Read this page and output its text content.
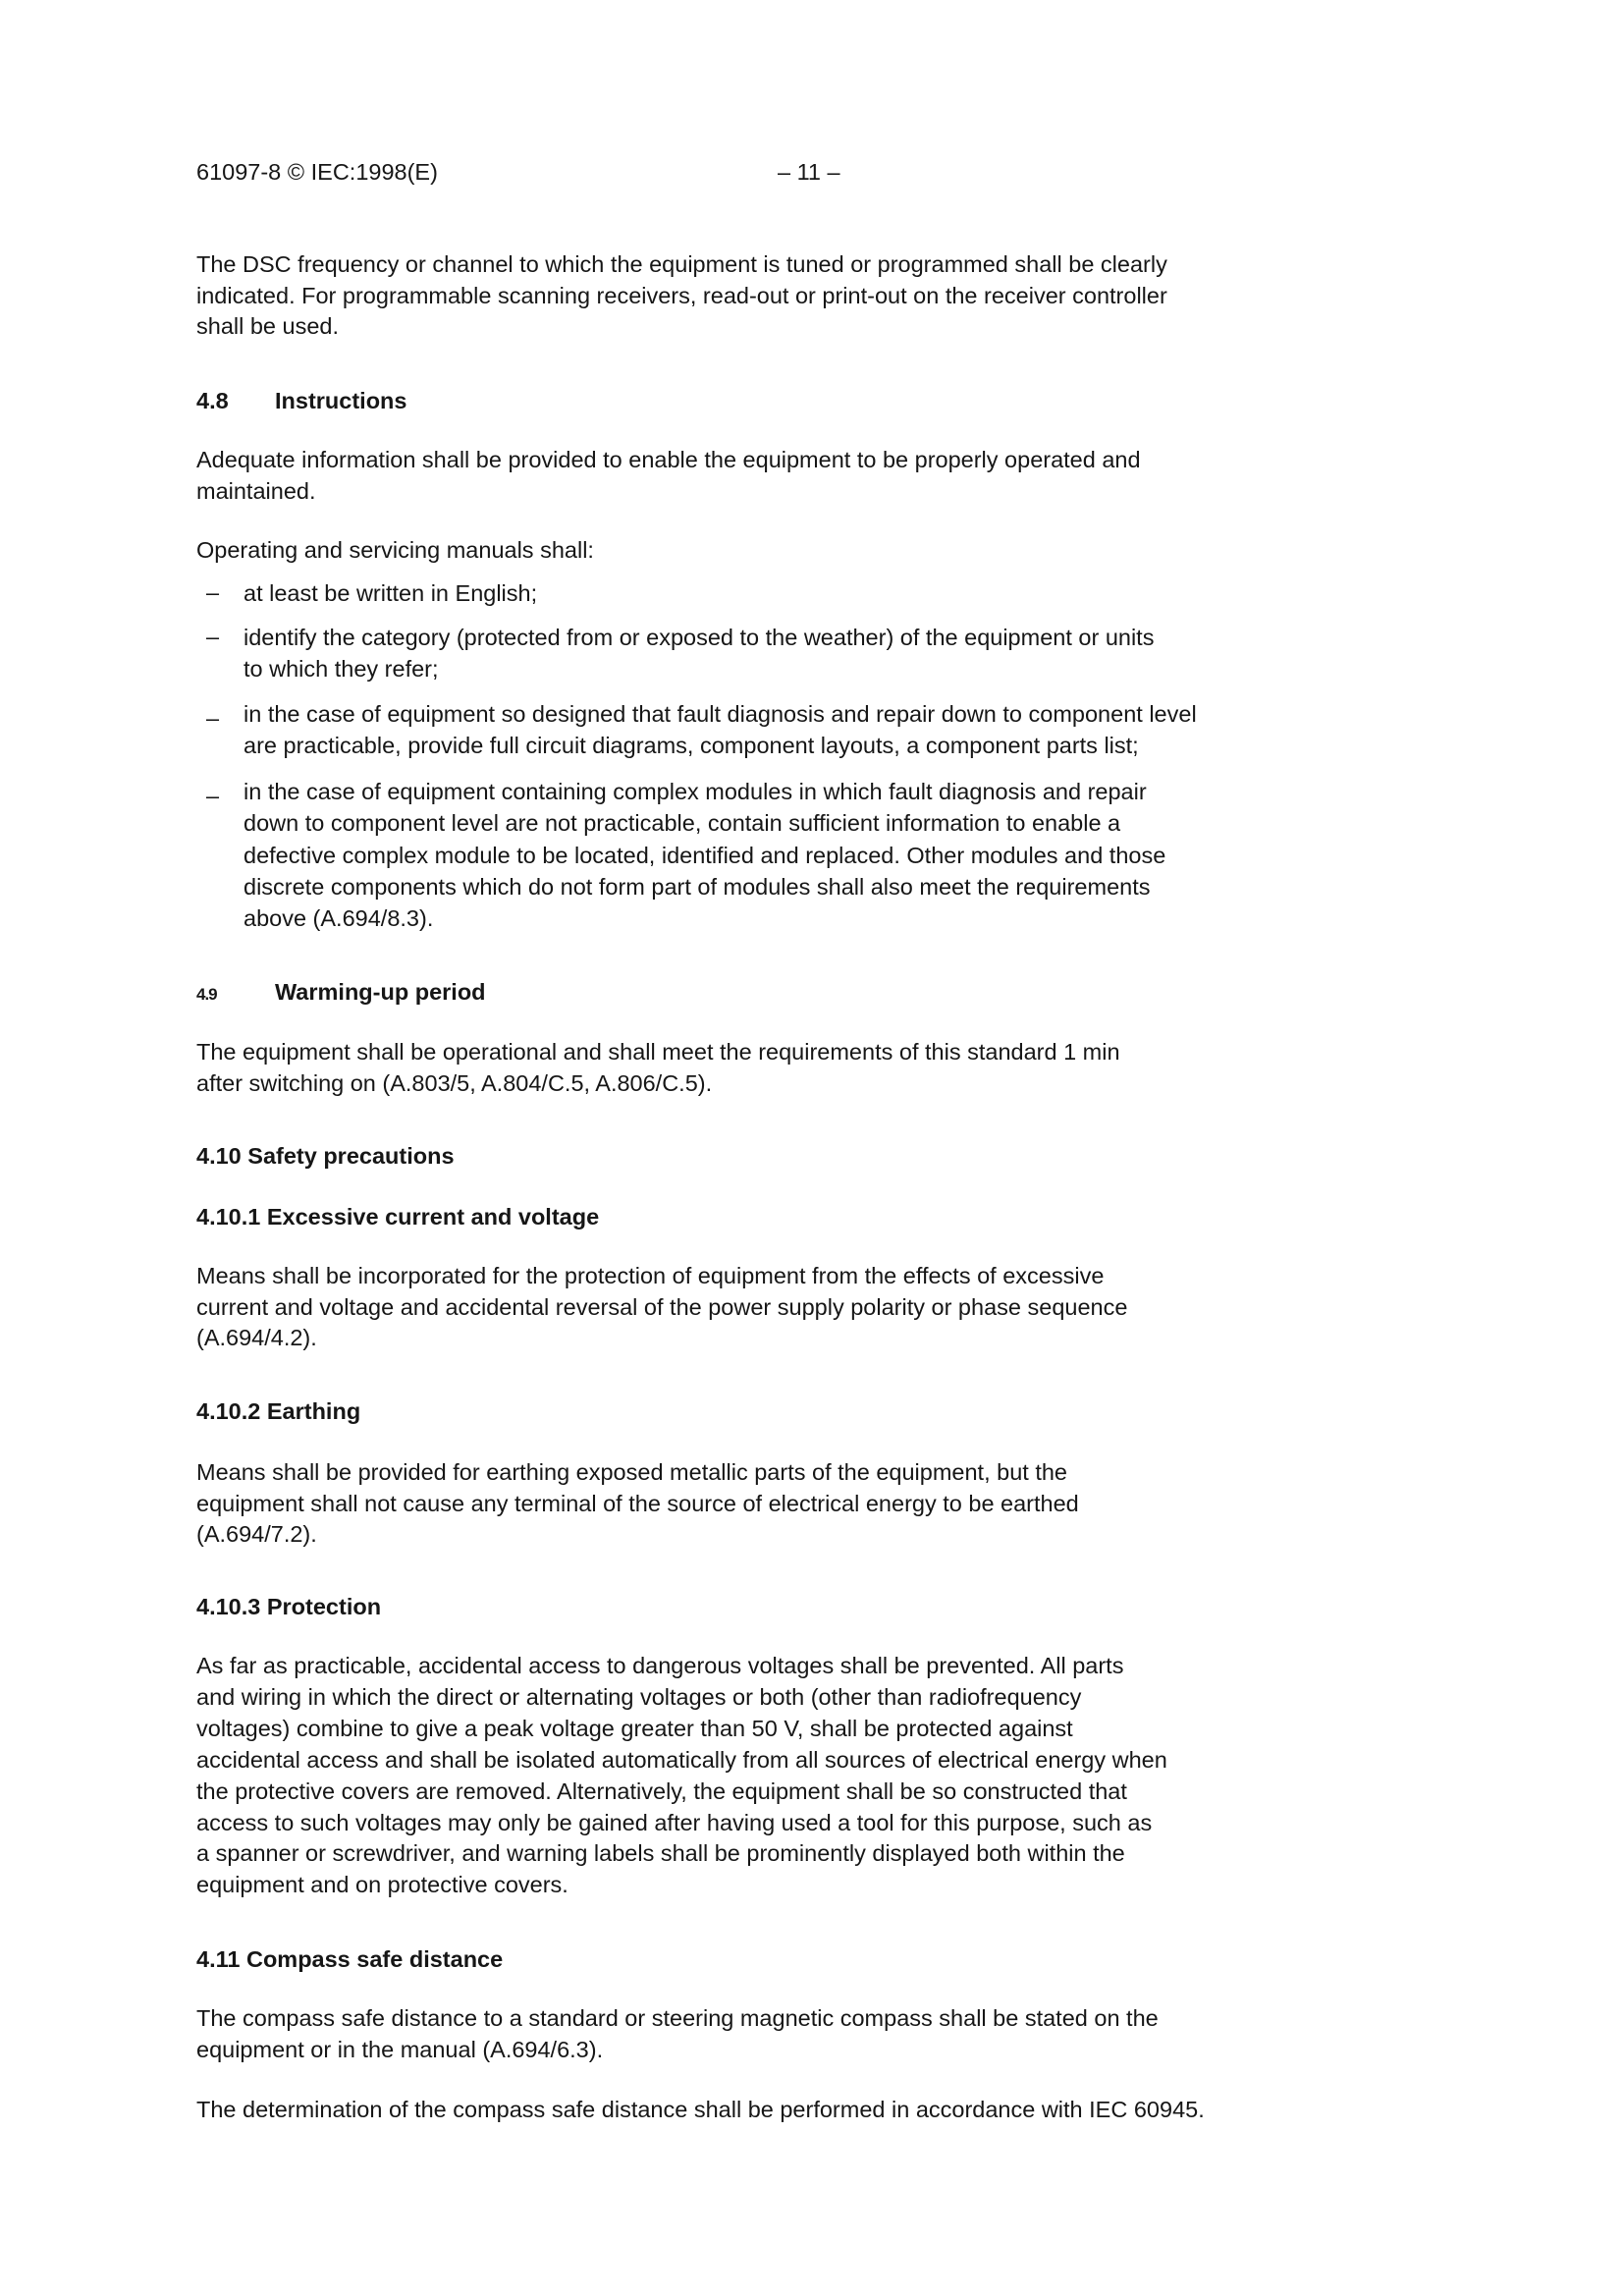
61097-8 © IEC:1998(E)	– 11 –

The DSC frequency or channel to which the equipment is tuned or programmed shall be clearly
indicated. For programmable scanning receivers, read-out or print-out on the receiver controller
shall be used.

4.8 Instructions

Adequate information shall be provided to enable the equipment to be properly operated and
maintained.

Operating and servicing manuals shall:

– at least be written in English;

– identify the category (protected from or exposed to the weather) of the equipment or units
to which they refer;

– in the case of equipment so designed that fault diagnosis and repair down to component level
are practicable, provide full circuit diagrams, component layouts, a component parts list;

– in the case of equipment containing complex modules in which fault diagnosis and repair
down to component level are not practicable, contain sufficient information to enable a
defective complex module to be located, identified and replaced. Other modules and those
discrete components which do not form part of modules shall also meet the requirements
above (A.694/8.3).

4.9	Warming-up period

The equipment shall be operational and shall meet the requirements of this standard 1 min
after switching on (A.803/5, A.804/C.5, A.806/C.5).

4.10 Safety precautions
4.10.1 Excessive current and voltage

Means shall be incorporated for the protection of equipment from the effects of excessive
current and voltage and accidental reversal of the power supply polarity or phase sequence
(A.694/4.2).

4.10.2 Earthing

Means shall be provided for earthing exposed metallic parts of the equipment, but the
equipment shall not cause any terminal of the source of electrical energy to be earthed
(A.694/7.2).

4.10.3 Protection

As far as practicable, accidental access to dangerous voltages shall be prevented. All parts
and wiring in which the direct or alternating voltages or both (other than radiofrequency
voltages) combine to give a peak voltage greater than 50 V, shall be protected against
accidental access and shall be isolated automatically from all sources of electrical energy when
the protective covers are removed. Alternatively, the equipment shall be so constructed that
access to such voltages may only be gained after having used a tool for this purpose, such as
a spanner or screwdriver, and warning labels shall be prominently displayed both within the
equipment and on protective covers.

4.11 Compass safe distance

The compass safe distance to a standard or steering magnetic compass shall be stated on the
equipment or in the manual (A.694/6.3).

The determination of the compass safe distance shall be performed in accordance with IEC 60945.
